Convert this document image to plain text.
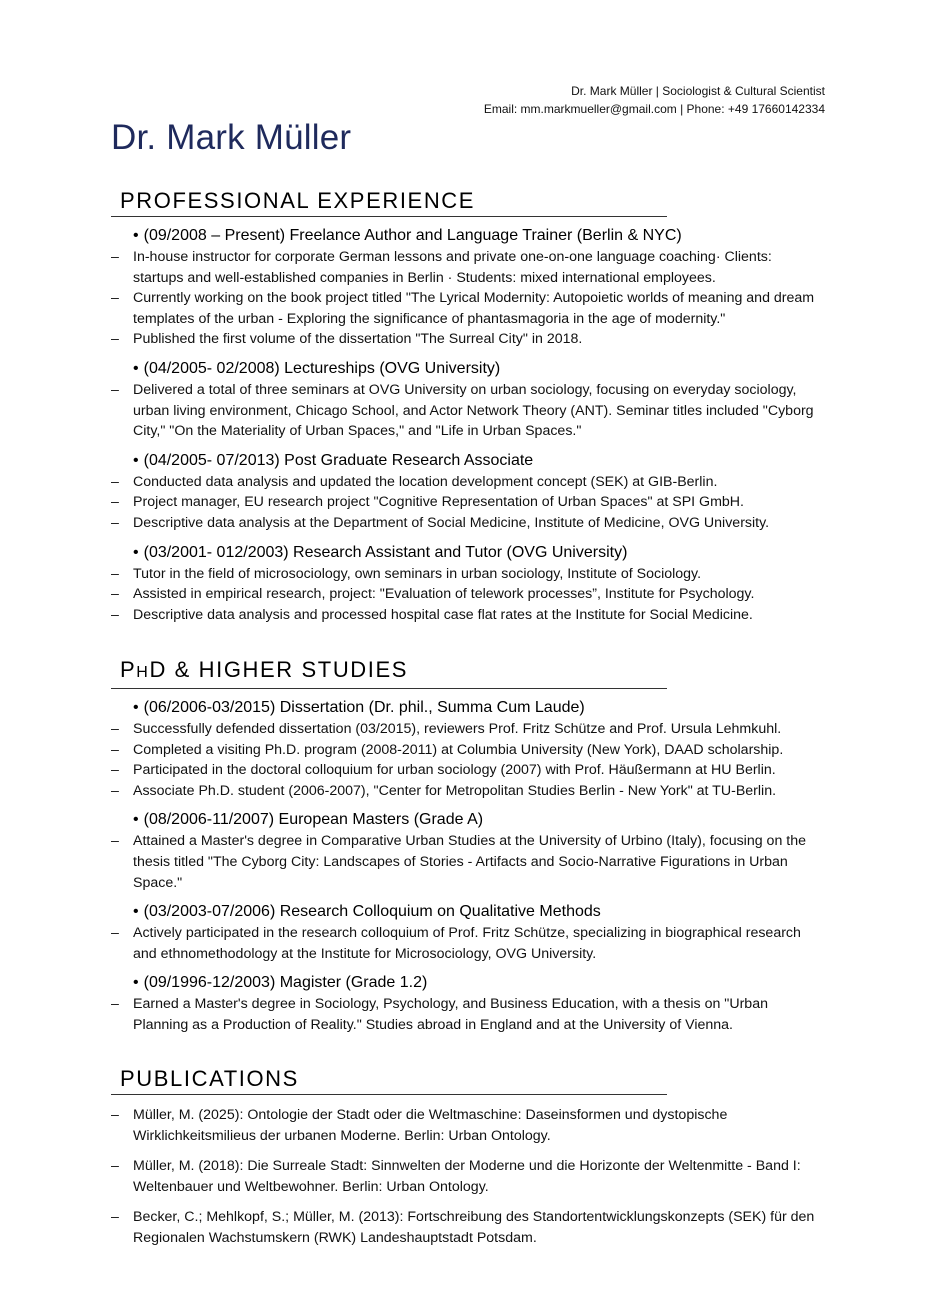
Dr. Mark Müller | Sociologist & Cultural Scientist
Email: mm.markmueller@gmail.com | Phone: +49 17660142334
Dr. Mark Müller
PROFESSIONAL EXPERIENCE
• (09/2008 – Present) Freelance Author and Language Trainer (Berlin & NYC)
– In-house instructor for corporate German lessons and private one-on-one language coaching· Clients: startups and well-established companies in Berlin · Students: mixed international employees.
– Currently working on the book project titled "The Lyrical Modernity: Autopoietic worlds of meaning and dream templates of the urban - Exploring the significance of phantasmagoria in the age of modernity."
– Published the first volume of the dissertation "The Surreal City" in 2018.
• (04/2005- 02/2008) Lectureships (OVG University)
– Delivered a total of three seminars at OVG University on urban sociology, focusing on everyday sociology, urban living environment, Chicago School, and Actor Network Theory (ANT). Seminar titles included "Cyborg City," "On the Materiality of Urban Spaces," and "Life in Urban Spaces."
• (04/2005- 07/2013) Post Graduate Research Associate
– Conducted data analysis and updated the location development concept (SEK) at GIB-Berlin.
– Project manager, EU research project "Cognitive Representation of Urban Spaces" at SPI GmbH.
– Descriptive data analysis at the Department of Social Medicine, Institute of Medicine, OVG University.
• (03/2001- 012/2003) Research Assistant and Tutor (OVG University)
– Tutor in the field of microsociology, own seminars in urban sociology, Institute of Sociology.
– Assisted in empirical research, project: "Evaluation of telework processes”, Institute for Psychology.
– Descriptive data analysis and processed hospital case flat rates at the Institute for Social Medicine.
PHD & HIGHER STUDIES
• (06/2006-03/2015) Dissertation (Dr. phil., Summa Cum Laude)
– Successfully defended dissertation (03/2015), reviewers Prof. Fritz Schütze and Prof. Ursula Lehmkuhl.
– Completed a visiting Ph.D. program (2008-2011) at Columbia University (New York), DAAD scholarship.
– Participated in the doctoral colloquium for urban sociology (2007) with Prof. Häußermann at HU Berlin.
– Associate Ph.D. student (2006-2007), "Center for Metropolitan Studies Berlin - New York" at TU-Berlin.
• (08/2006-11/2007) European Masters (Grade A)
– Attained a Master's degree in Comparative Urban Studies at the University of Urbino (Italy), focusing on the thesis titled "The Cyborg City: Landscapes of Stories - Artifacts and Socio-Narrative Figurations in Urban Space."
• (03/2003-07/2006) Research Colloquium on Qualitative Methods
– Actively participated in the research colloquium of Prof. Fritz Schütze, specializing in biographical research and ethnomethodology at the Institute for Microsociology, OVG University.
• (09/1996-12/2003) Magister (Grade 1.2)
– Earned a Master's degree in Sociology, Psychology, and Business Education, with a thesis on "Urban Planning as a Production of Reality." Studies abroad in England and at the University of Vienna.
PUBLICATIONS
– Müller, M. (2025): Ontologie der Stadt oder die Weltmaschine: Daseinsformen und dystopische Wirklichkeitsmilieus der urbanen Moderne. Berlin: Urban Ontology.
– Müller, M. (2018): Die Surreale Stadt: Sinnwelten der Moderne und die Horizonte der Weltenmitte - Band I: Weltenbauer und Weltbewohner. Berlin: Urban Ontology.
– Becker, C.; Mehlkopf, S.; Müller, M. (2013): Fortschreibung des Standortentwicklungskonzepts (SEK) für den Regionalen Wachstumskern (RWK) Landeshauptstadt Potsdam.
